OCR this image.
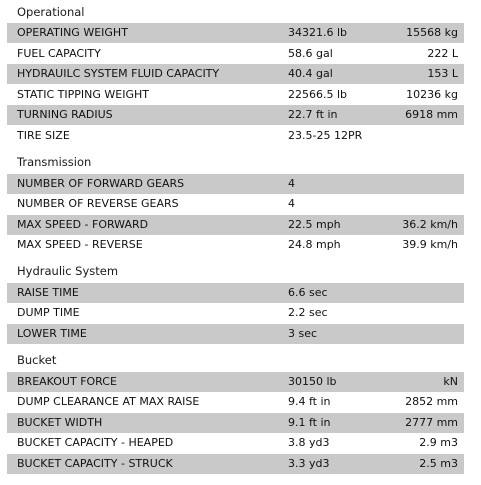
Operational
OPERATING WEIGHT	34321.6 lb	15568 kg
FUEL CAPACITY	58.6 gal	222 L
HYDRAUILC SYSTEM FLUID CAPACITY	40.4 gal	153 L
STATIC TIPPING WEIGHT	22566.5 lb	10236 kg
TURNING RADIUS	22.7 ft in	6918 mm
TIRE SIZE	23.5-25 12PR
Transmission
NUMBER OF FORWARD GEARS	4
NUMBER OF REVERSE GEARS	4
MAX SPEED - FORWARD	22.5 mph	36.2 km/h
MAX SPEED - REVERSE	24.8 mph	39.9 km/h
Hydraulic System
RAISE TIME	6.6 sec
DUMP TIME	2.2 sec
LOWER TIME	3 sec
Bucket
BREAKOUT FORCE	30150 lb	kN
DUMP CLEARANCE AT MAX RAISE	9.4 ft in	2852 mm
BUCKET WIDTH	9.1 ft in	2777 mm
BUCKET CAPACITY - HEAPED	3.8 yd3	2.9 m3
BUCKET CAPACITY - STRUCK	3.3 yd3	2.5 m3
